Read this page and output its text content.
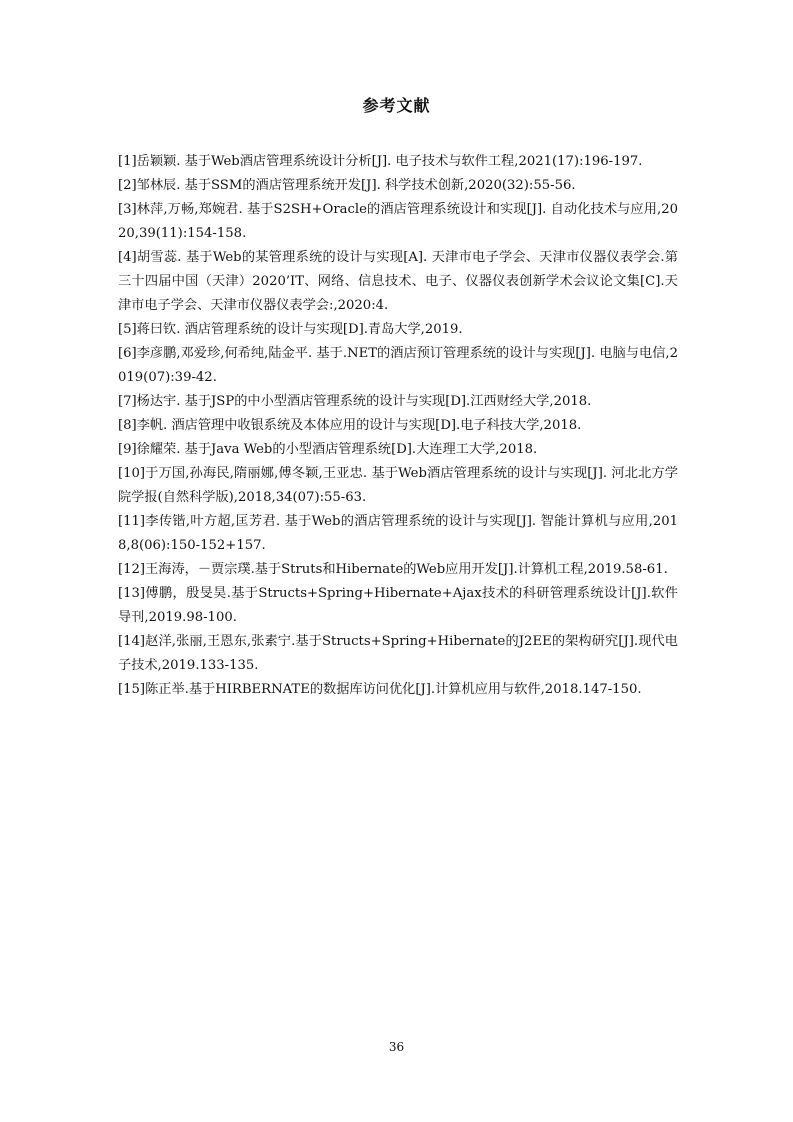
参考文献
[1]岳颖颖. 基于Web酒店管理系统设计分析[J]. 电子技术与软件工程,2021(17):196-197.
[2]邹林辰. 基于SSM的酒店管理系统开发[J]. 科学技术创新,2020(32):55-56.
[3]林萍,万畅,郑婉君. 基于S2SH+Oracle的酒店管理系统设计和实现[J]. 自动化技术与应用,2020,39(11):154-158.
[4]胡雪蕊. 基于Web的某管理系统的设计与实现[A]. 天津市电子学会、天津市仪器仪表学会.第三十四届中国（天津）2020’IT、网络、信息技术、电子、仪器仪表创新学术会议论文集[C].天津市电子学会、天津市仪器仪表学会:,2020:4.
[5]蒋曰钦. 酒店管理系统的设计与实现[D].青岛大学,2019.
[6]李彦鹏,邓爱珍,何希纯,陆金平. 基于.NET的酒店预订管理系统的设计与实现[J]. 电脑与电信,2019(07):39-42.
[7]杨达宇. 基于JSP的中小型酒店管理系统的设计与实现[D].江西财经大学,2018.
[8]李帆. 酒店管理中收银系统及本体应用的设计与实现[D].电子科技大学,2018.
[9]徐耀荣. 基于Java Web的小型酒店管理系统[D].大连理工大学,2018.
[10]于万国,孙海民,隋丽娜,傅冬颖,王亚忠. 基于Web酒店管理系统的设计与实现[J]. 河北北方学院学报(自然科学版),2018,34(07):55-63.
[11]李传锴,叶方超,匡芳君. 基于Web的酒店管理系统的设计与实现[J]. 智能计算机与应用,2018,8(06):150-152+157.
[12]王海涛，－贾宗璞.基于Struts和Hibernate的Web应用开发[J].计算机工程,2019.58-61.
[13]傅鹏，殷旻昊.基于Structs+Spring+Hibernate+Ajax技术的科研管理系统设计[J].软件导刊,2019.98-100.
[14]赵洋,张丽,王恩东,张素宁.基于Structs+Spring+Hibernate的J2EE的架构研究[J].现代电子技术,2019.133-135.
[15]陈正举.基于HIRBERNATE的数据库访问优化[J].计算机应用与软件,2018.147-150.
36
